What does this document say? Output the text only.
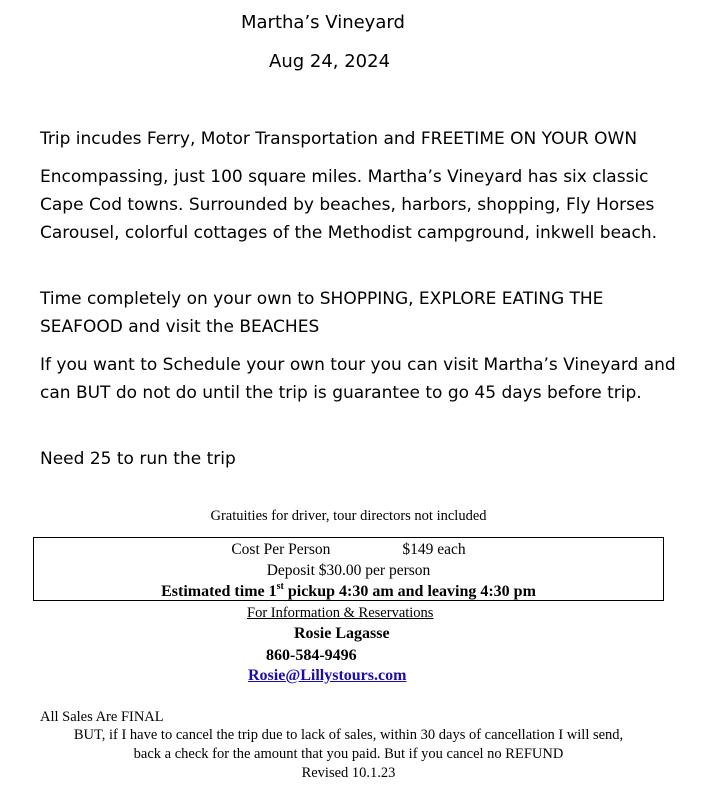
Martha’s Vineyard
Aug 24, 2024

Trip incudes Ferry, Motor Transportation and FREETIME ON YOUR OWN

Encompassing, just 100 square miles. Martha’s Vineyard has six classic Cape Cod towns. Surrounded by beaches, harbors, shopping, Fly Horses Carousel, colorful cottages of the Methodist campground, inkwell beach.

Time completely on your own to SHOPPING, EXPLORE EATING THE SEAFOOD and visit the BEACHES

If you want to Schedule your own tour you can visit Martha’s Vineyard and can BUT do not do until the trip is guarantee to go 45 days before trip.

Need 25 to run the trip

Gratuities for driver, tour directors not included
Cost Per Person	$149 each
Deposit $30.00 per person
Estimated time 1st pickup 4:30 am and leaving 4:30 pm
For Information & Reservations
Rosie Lagasse
860-584-9496
Rosie@Lillystours.com
All Sales Are FINAL
BUT, if I have to cancel the trip due to lack of sales, within 30 days of cancellation I will send,
back a check for the amount that you paid. But if you cancel no REFUND
Revised 10.1.23
